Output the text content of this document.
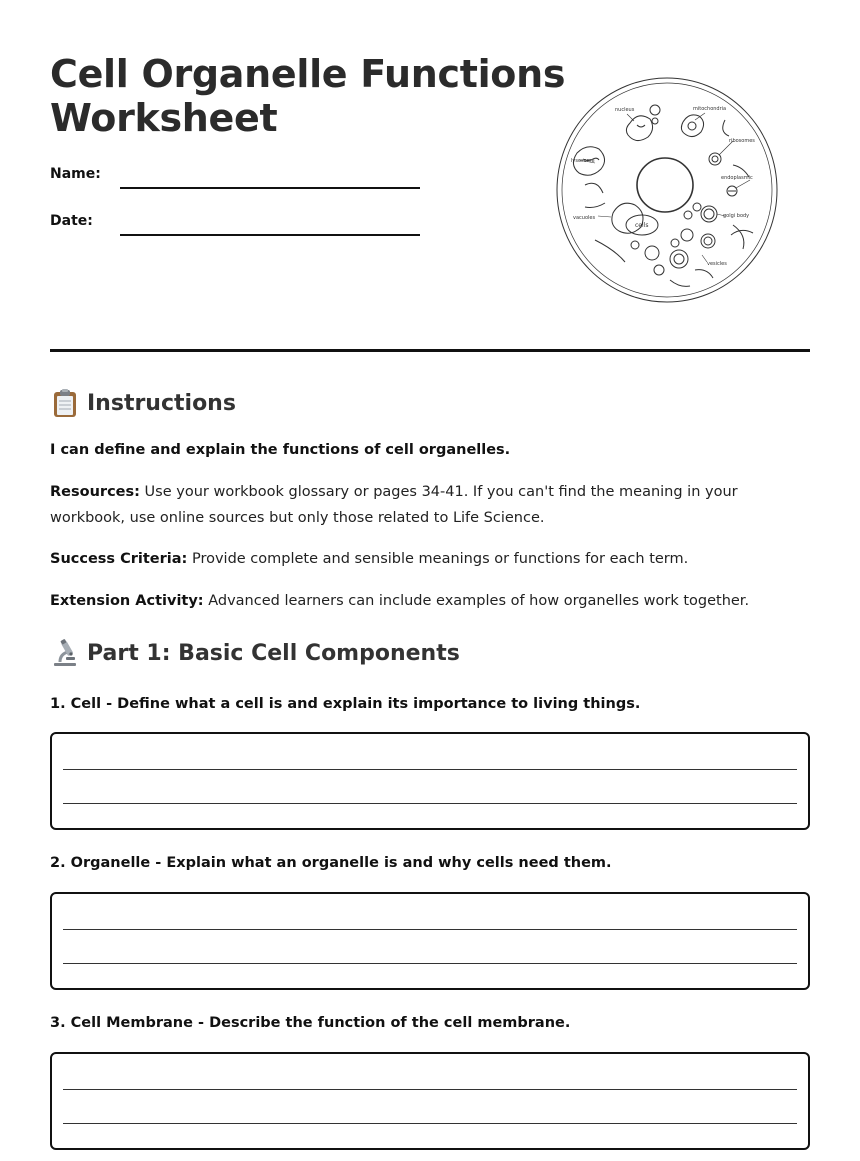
Cell Organelle Functions
Worksheet
Name:
Date:
nucleus	mitochondria
ribosomes
endoplasmic
golgi body
lysosome
vacuoles
cells
vesicles
Instructions

I can define and explain the functions of cell organelles.

Resources: Use your workbook glossary or pages 34-41. If you can't find the meaning in your workbook, use online sources but only those related to Life Science.

Success Criteria: Provide complete and sensible meanings or functions for each term.

Extension Activity: Advanced learners can include examples of how organelles work together.

Part 1: Basic Cell Components

1. Cell - Define what a cell is and explain its importance to living things.

2. Organelle - Explain what an organelle is and why cells need them.

3. Cell Membrane - Describe the function of the cell membrane.
